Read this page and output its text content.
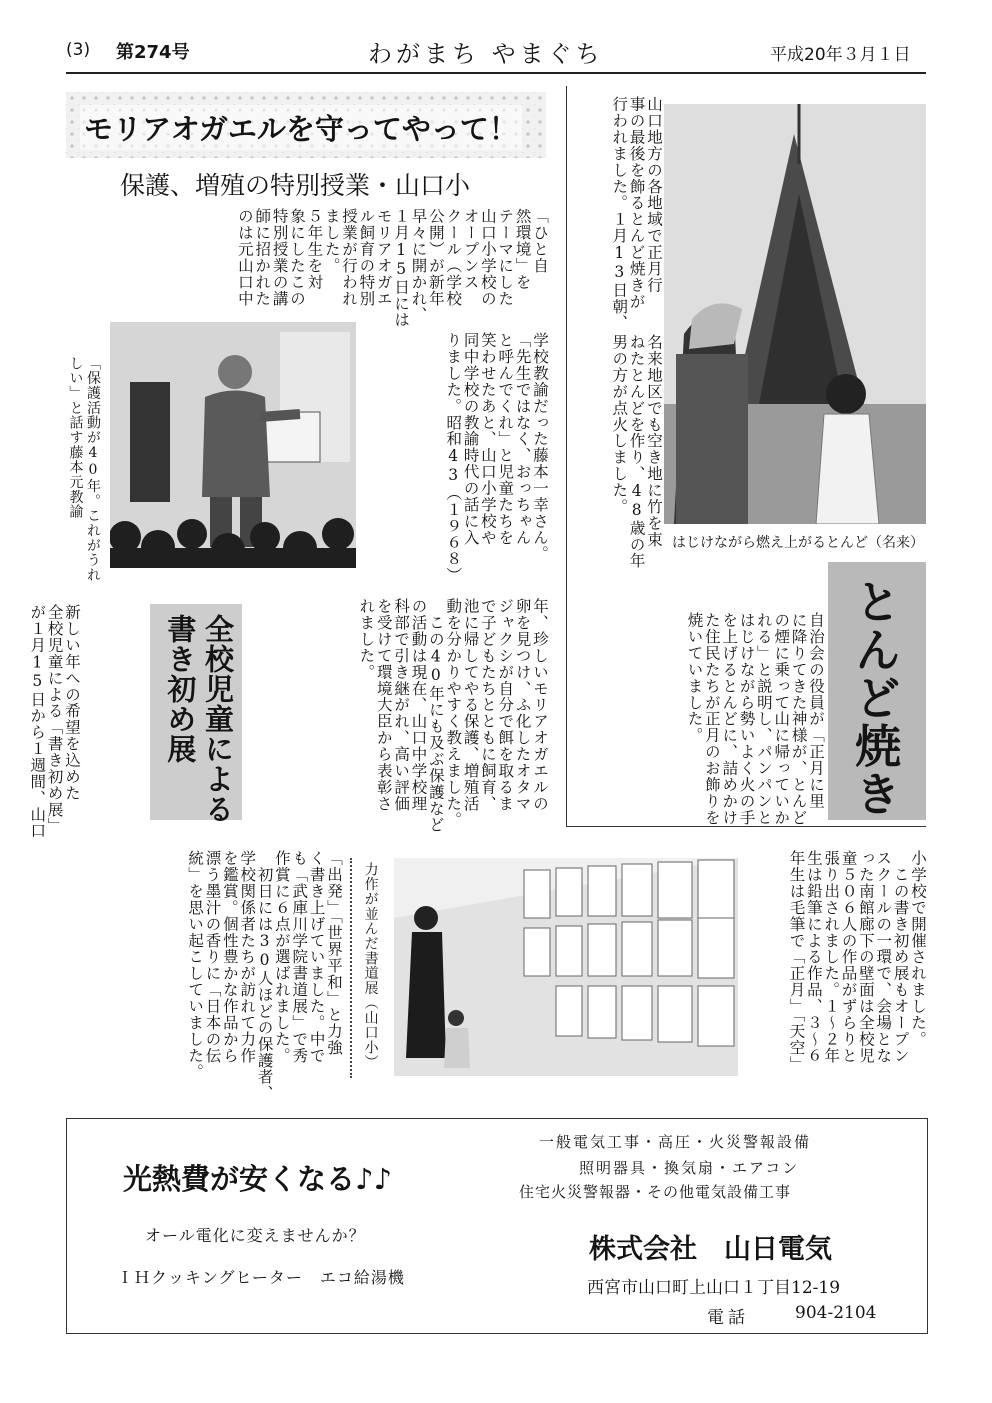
(3) 第274号	わがまち やまぐち	平成20年３月１日
モリアオガエルを守ってやって！
保護、増殖の特別授業・山口小
「ひと自
然環境」を
テーマにした
山口小学校の
オープンス
クール（学校
公開）が新年
早々に開かれ、
１月15日には
モリアオガエ
ル飼育の特別
授業が行われ
ました。
５年生を対
象にしたこの
特別授業の講
師に招かれた
のは元山口中
学校教諭だった藤本一幸さん。
「先生ではなく、おっちゃん
と呼んでくれ」と児童たちを
笑わせたあと、山口小学校や
同中学校の教諭時代の話に入
りました。昭和43（１９６８）
年、珍しいモリアオガエルの
卵を見つけ、ふ化したオタマ
ジャクシが自分で餌を取るま
で子どもたちとともに飼育、
池に帰してやる保護、増殖活
動を分かりやすく教えました。
　この40年にも及ぶ保護など
の活動は現在、山口中学校理
科部で引き継がれ、高い評価
を受けて環境大臣から表彰さ
れました。
「保護活動が40年。これがうれ
しい」と話す藤本元教諭
山口地方の各地域で正月行
事の最後を飾るとんど焼きが
行われました。１月13日朝、
名来地区でも空き地に竹を束
ねたとんどを作り、48歳の年
男の方が点火しました。
はじけながら燃え上がるとんど（名来）
自治会の役員が「正月に里
に降りてきた神様が、とんど
の煙に乗って山に帰っていか
れる」と説明し、パンパンと
はじけながら勢いよく火の手
を上げるとんどに、詰めかけ
た住民たちが正月のお飾りを
焼いていました。	とんど焼き
全校児童による
書き初め展
新しい年への希望を込めた
全校児童による「書き初め展」
が１月15日から１週間、山口
小学校で開催されました。
　この書き初め展もオープン
スクールの一環で、会場とな
った南館廊下の壁面は全校児
童５０６人の作品がずらりと
張り出されました。１～２年
生は鉛筆による作品、３～６
年生は毛筆で「正月」「天空」
力作が並んだ書道展（山口小）
「出発」「世界平和」と力強
く書き上げていました。中で
も「武庫川学院書道展」で秀
作賞に６点が選ばれました。
　初日には30人ほどの保護者、
学校関係者たちが訪れて力作
を鑑賞。個性豊かな作品から
漂う墨汁の香りに「日本の伝
統」を思い起こしていました。
光熱費が安くなる♪♪
オール電化に変えませんか？
ＩＨクッキングヒーター　エコ給湯機
一般電気工事・高圧・火災警報設備
照明器具・換気扇・エアコン
住宅火災警報器・その他電気設備工事
株式会社　山日電気
西宮市山口町上山口１丁目12-19
電話	904-2104
